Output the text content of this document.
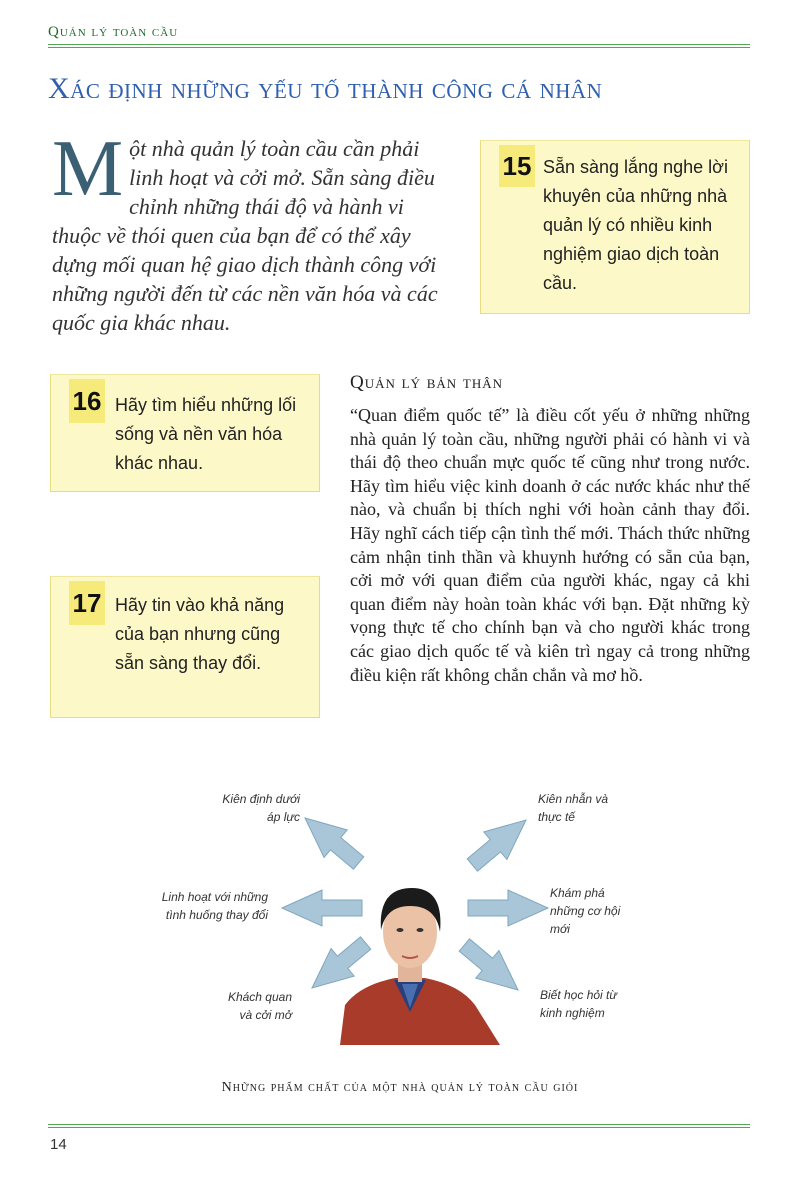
Quản lý toàn cầu
Xác định những yếu tố thành công cá nhân
Một nhà quản lý toàn cầu cần phải linh hoạt và cởi mở. Sẵn sàng điều chỉnh những thái độ và hành vi thuộc về thói quen của bạn để có thể xây dựng mối quan hệ giao dịch thành công với những người đến từ các nền văn hóa và các quốc gia khác nhau.
15 Sẵn sàng lắng nghe lời khuyên của những nhà quản lý có nhiều kinh nghiệm giao dịch toàn cầu.
16 Hãy tìm hiểu những lối sống và nền văn hóa khác nhau.
17 Hãy tin vào khả năng của bạn nhưng cũng sẵn sàng thay đổi.
Quản lý bản thân
“Quan điểm quốc tế” là điều cốt yếu ở những những nhà quản lý toàn cầu, những người phải có hành vi và thái độ theo chuẩn mực quốc tế cũng như trong nước. Hãy tìm hiểu việc kinh doanh ở các nước khác như thế nào, và chuẩn bị thích nghi với hoàn cảnh thay đổi. Hãy nghĩ cách tiếp cận tình thế mới. Thách thức những cảm nhận tinh thần và khuynh hướng có sẵn của bạn, cởi mở với quan điểm của người khác, ngay cả khi quan điểm này hoàn toàn khác với bạn. Đặt những kỳ vọng thực tế cho chính bạn và cho người khác trong các giao dịch quốc tế và kiên trì ngay cả trong những điều kiện rất không chắn chắn và mơ hồ.
Kiên định dưới
áp lực
Linh hoạt với những
tình huống thay đổi
Khách quan
và cởi mở
Kiên nhẫn và
thực tế
Khám phá
những cơ hội
mới
Biết học hỏi từ
kinh nghiệm
Những phẩm chất của một nhà quản lý toàn cầu giỏi
14
